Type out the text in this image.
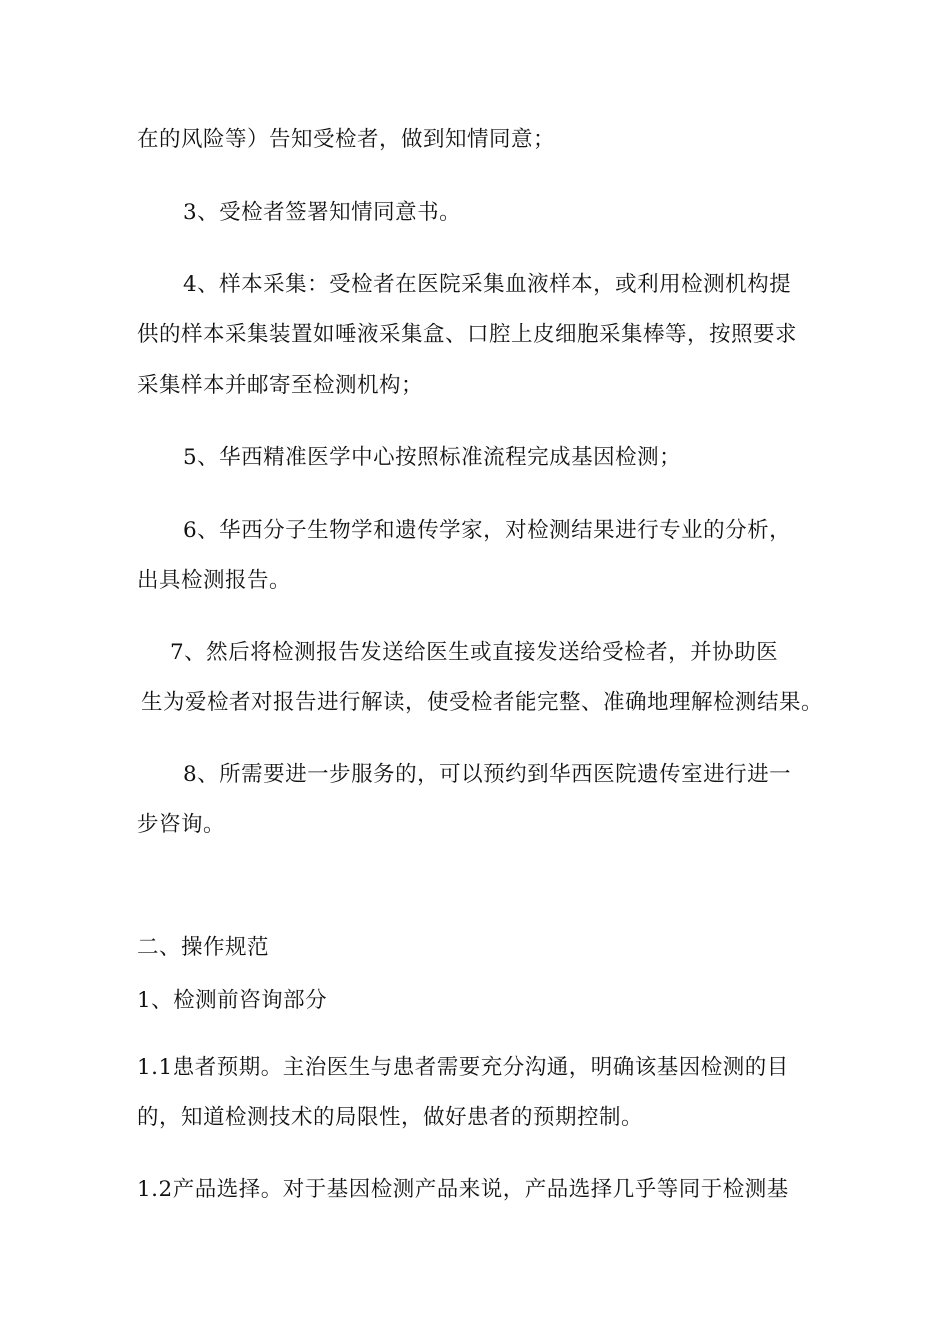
在的风险等）告知受检者，做到知情同意；
3、受检者签署知情同意书。
4、样本采集：受检者在医院采集血液样本，或利用检测机构提
供的样本采集装置如唾液采集盒、口腔上皮细胞采集棒等，按照要求
采集样本并邮寄至检测机构；
5、华西精准医学中心按照标准流程完成基因检测；
6、华西分子生物学和遗传学家，对检测结果进行专业的分析，
出具检测报告。
7、然后将检测报告发送给医生或直接发送给受检者，并协助医
生为爱检者对报告进行解读，使受检者能完整、准确地理解检测结果。
8、所需要进一步服务的，可以预约到华西医院遗传室进行进一
步咨询。
二、操作规范
1、检测前咨询部分
1.1患者预期。主治医生与患者需要充分沟通，明确该基因检测的目
的，知道检测技术的局限性，做好患者的预期控制。
1.2产品选择。对于基因检测产品来说，产品选择几乎等同于检测基
